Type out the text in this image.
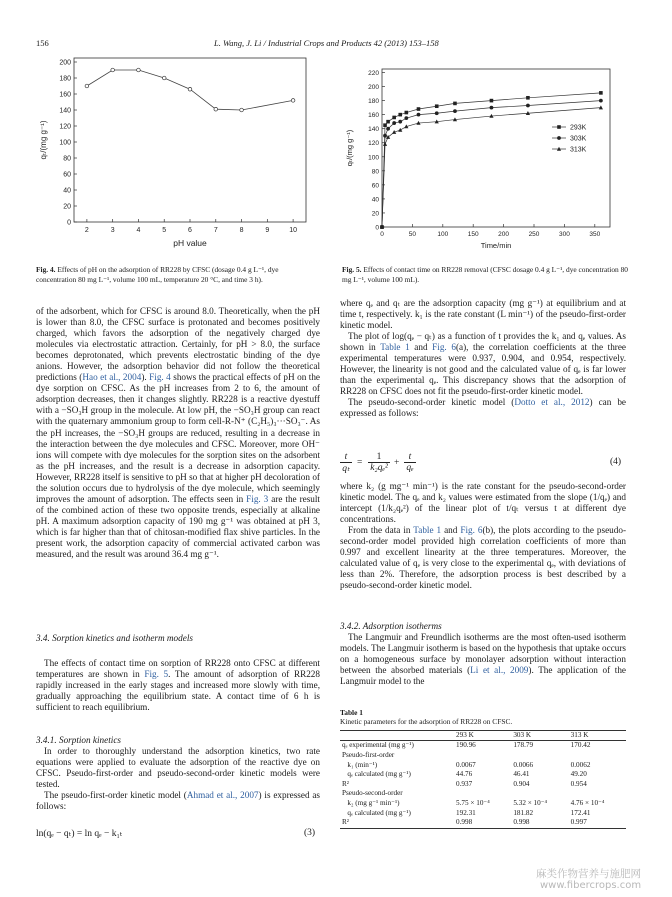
156	L. Wang, J. Li / Industrial Crops and Products 42 (2013) 153–158
0
20
40
60
80
100
120
140
160
180
200
2	3	4	5	6	7	8	9	10
pH value
qₜ/(mg g⁻¹)
Fig. 4. Effects of pH on the adsorption of RR228 by CFSC (dosage 0.4 g L⁻¹, dye concentration 80 mg L⁻¹, volume 100 mL, temperature 20 °C, and time 3 h).
0
20
40
60
80
100
120
140
160
180
200
220
0	50	100	150	200	250	300	350
Time/min
qₜ/(mg g⁻¹)
293K
303K
313K
Fig. 5. Effects of contact time on RR228 removal (CFSC dosage 0.4 g L⁻¹, dye concentration 80 mg L⁻¹, volume 100 mL).

of the adsorbent, which for CFSC is around 8.0. Theoretically, when the pH is lower than 8.0, the CFSC surface is protonated and becomes positively charged, which favors the adsorption of the negatively charged dye molecules via electrostatic attraction. Certainly, for pH > 8.0, the surface becomes deprotonated, which prevents electrostatic binding of the dye anions. However, the adsorption behavior did not follow the theoretical predictions (Hao et al., 2004). Fig. 4 shows the practical effects of pH on the dye sorption on CFSC. As the pH increases from 2 to 6, the amount of adsorption decreases, then it changes slightly. RR228 is a reactive dyestuff with a −SO₃H group in the molecule. At low pH, the −SO₃H group can react with the quaternary ammonium group to form cell-R-N⁺ (C₂H₅)₃···SO₃⁻. As the pH increases, the −SO₃H groups are reduced, resulting in a decrease in the interaction between the dye molecules and CFSC. Moreover, more OH⁻ ions will compete with dye molecules for the sorption sites on the adsorbent as the pH increases, and the result is a decrease in adsorption capacity. However, RR228 itself is sensitive to pH so that at higher pH decoloration of the solution occurs due to hydrolysis of the dye molecule, which seemingly improves the amount of adsorption. The effects seen in Fig. 3 are the result of the combined action of these two opposite trends, especially at alkaline pH. A maximum adsorption capacity of 190 mg g⁻¹ was obtained at pH 3, which is far higher than that of chitosan-modified flax shive particles. In the present work, the adsorption capacity of commercial activated carbon was measured, and the result was around 36.4 mg g⁻¹.

3.4. Sorption kinetics and isotherm models

The effects of contact time on sorption of RR228 onto CFSC at different temperatures are shown in Fig. 5. The amount of adsorption of RR228 rapidly increased in the early stages and increased more slowly with time, gradually approaching the equilibrium state. A contact time of 6 h is sufficient to reach equilibrium.

3.4.1. Sorption kinetics

In order to thoroughly understand the adsorption kinetics, two rate equations were applied to evaluate the adsorption of the reactive dye on CFSC. Pseudo-first-order and pseudo-second-order kinetic models were tested.

The pseudo-first-order kinetic model (Ahmad et al., 2007) is expressed as follows:

ln(qₑ − qₜ) = ln qₑ − k₁ₜ	(3)

where qₑ and qₜ are the adsorption capacity (mg g⁻¹) at equilibrium and at time t, respectively. k₁ is the rate constant (L min⁻¹) of the pseudo-first-order kinetic model.

The plot of log(qₑ − qₜ) as a function of t provides the k₁ and qₑ values. As shown in Table 1 and Fig. 6(a), the correlation coefficients at the three experimental temperatures were 0.937, 0.904, and 0.954, respectively. However, the linearity is not good and the calculated value of qₑ is far lower than the experimental qₑ. This discrepancy shows that the adsorption of RR228 on CFSC does not fit the pseudo-first-order kinetic model.

The pseudo-second-order kinetic model (Dotto et al., 2012) can be expressed as follows:

t
qₜ
=
1
k₂qₑ² +
t
qₑ
(4)

where k₂ (g mg⁻¹ min⁻¹) is the rate constant for the pseudo-second-order kinetic model. The qₑ and k₂ values were estimated from the slope (1/qₑ) and intercept (1/k₂qₑ²) of the linear plot of t/qₜ versus t at different dye concentrations.

From the data in Table 1 and Fig. 6(b), the plots according to the pseudo-second-order model provided high correlation coefficients of more than 0.997 and excellent linearity at the three temperatures. Moreover, the calculated value of qₑ is very close to the experimental qₑ, with deviations of less than 2%. Therefore, the adsorption process is best described by a pseudo-second-order kinetic model.

3.4.2. Adsorption isotherms

The Langmuir and Freundlich isotherms are the most often-used isotherm models. The Langmuir isotherm is based on the hypothesis that uptake occurs on a homogeneous surface by monolayer adsorption without interaction between the absorbed materials (Li et al., 2009). The application of the Langmuir model to the

Table 1
Kinetic parameters for the adsorption of RR228 on CFSC.
	293 K	303 K	313 K
qₑ experimental (mg g⁻¹)	190.96	178.79	170.42
Pseudo-first-order			
k₁ (min⁻¹)	0.0067	0.0066	0.0062
qₑ calculated (mg g⁻¹)	44.76	46.41	49.20
R²	0.937	0.904	0.954
Pseudo-second-order			
k₂ (mg g⁻¹ min⁻¹)	5.75 × 10⁻⁴	5.32 × 10⁻⁴	4.76 × 10⁻⁴
qₑ calculated (mg g⁻¹)	192.31	181.82	172.41
R²	0.998	0.998	0.997
麻类作物营养与施肥网
www.fibercrops.com
